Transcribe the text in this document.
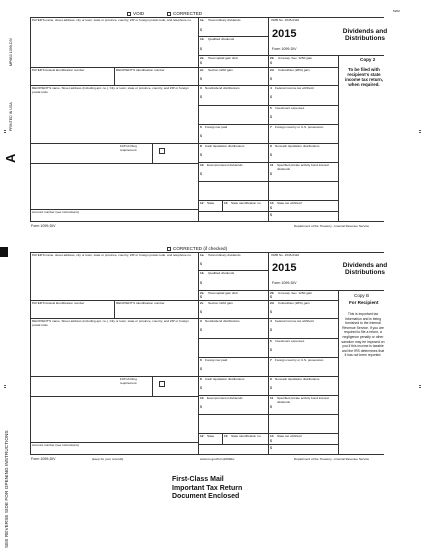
5202
MP6B3 1099-DIV
PRINTED IN USA
A
SEE REVERSE SIDE FOR OPENING INSTRUCTIONS
VOID	CORRECTED
PAYER'S name, street address, city or town, state or province, country, ZIP or foreign postal code, and telephone no.	1a Total ordinary dividends
$
1b Qualified dividends
$
OMB No. 1545-0110
2015
Form 1099-DIV
Dividends and Distributions
Copy 2
To be filed with recipient's state income tax return, when required.
2a Total capital gain distr.
$
2b Unrecap. Sec. 1250 gain
$
PAYER'S federal identification number	RECIPIENT'S identification number	2c Section 1202 gain
$
2d Collectibles (28%) gain
$
RECIPIENT'S name, Street address (including apt. no.), City or town, state or province, country, and ZIP or foreign postal code
3 Nondividend distributions
$
4 Federal income tax withheld
$
5 Investment expenses
$
6 Foreign tax paid
$
7 Foreign country or U.S. possession
8 Cash liquidation distributions
$
9 Noncash liquidation distributions
$
FATCA filing requirement
10 Exempt-interest dividends
$
11 Specified private activity bond interest dividends
$
12 State	13 State identification no.	14 State tax withheld
$
$
Account number (see instructions)
Form 1099-DIV	Department of the Treasury - Internal Revenue Service
CORRECTED (if checked)
PAYER'S name, street address, city or town, state or province, country, ZIP or foreign postal code, and telephone no.	1a Total ordinary dividends
$
1b Qualified dividends
$
OMB No. 1545-0110
2015
Form 1099-DIV
Dividends and Distributions
Copy B
For Recipient
This is important tax information and is being furnished to the Internal Revenue Service. If you are required to file a return, a negligence penalty or other sanction may be imposed on you if this income is taxable and the IRS determines that it has not been reported.
2a Total capital gain distr.
$
2b Unrecap. Sec. 1250 gain
$
PAYER'S federal identification number	RECIPIENT'S identification number	2c Section 1202 gain
$
2d Collectibles (28%) gain
$
RECIPIENT'S name, Street address (including apt. no.), City or town, state or province, country, and ZIP or foreign postal code
3 Nondividend distributions
$
4 Federal income tax withheld
$
5 Investment expenses
$
6 Foreign tax paid
$
7 Foreign country or U.S. possession
8 Cash liquidation distributions
$
9 Noncash liquidation distributions
$
FATCA filing requirement
10 Exempt-interest dividends
$
11 Specified private activity bond interest dividends
$
12 State	13 State identification no.	14 State tax withheld
$
$
Account number (see instructions)
Form 1099-DIV	(keep for your records)	www.irs.gov/form1099div	Department of the Treasury - Internal Revenue Service
First-Class Mail
Important Tax Return
Document Enclosed
